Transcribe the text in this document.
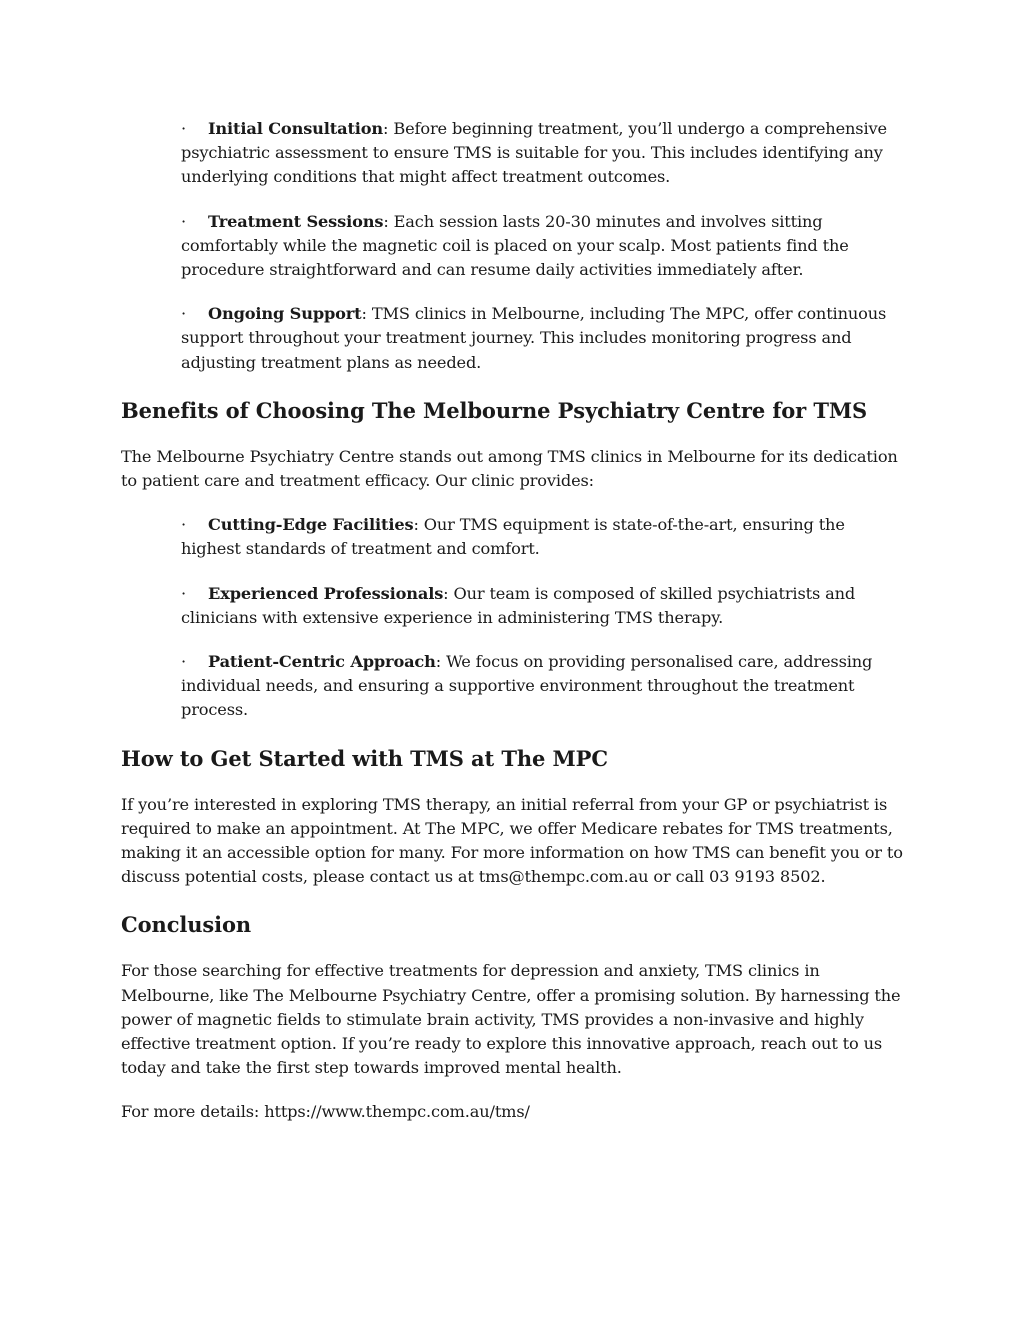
· Initial Consultation: Before beginning treatment, you’ll undergo a comprehensive psychiatric assessment to ensure TMS is suitable for you. This includes identifying any underlying conditions that might affect treatment outcomes.
· Treatment Sessions: Each session lasts 20-30 minutes and involves sitting comfortably while the magnetic coil is placed on your scalp. Most patients find the procedure straightforward and can resume daily activities immediately after.
· Ongoing Support: TMS clinics in Melbourne, including The MPC, offer continuous support throughout your treatment journey. This includes monitoring progress and adjusting treatment plans as needed.
Benefits of Choosing The Melbourne Psychiatry Centre for TMS

The Melbourne Psychiatry Centre stands out among TMS clinics in Melbourne for its dedication to patient care and treatment efficacy. Our clinic provides:

· Cutting-Edge Facilities: Our TMS equipment is state-of-the-art, ensuring the highest standards of treatment and comfort.
· Experienced Professionals: Our team is composed of skilled psychiatrists and clinicians with extensive experience in administering TMS therapy.
· Patient-Centric Approach: We focus on providing personalised care, addressing individual needs, and ensuring a supportive environment throughout the treatment process.
How to Get Started with TMS at The MPC

If you’re interested in exploring TMS therapy, an initial referral from your GP or psychiatrist is required to make an appointment. At The MPC, we offer Medicare rebates for TMS treatments, making it an accessible option for many. For more information on how TMS can benefit you or to discuss potential costs, please contact us at tms@thempc.com.au or call 03 9193 8502.

Conclusion

For those searching for effective treatments for depression and anxiety, TMS clinics in Melbourne, like The Melbourne Psychiatry Centre, offer a promising solution. By harnessing the power of magnetic fields to stimulate brain activity, TMS provides a non-invasive and highly effective treatment option. If you’re ready to explore this innovative approach, reach out to us today and take the first step towards improved mental health.

For more details: https://www.thempc.com.au/tms/
